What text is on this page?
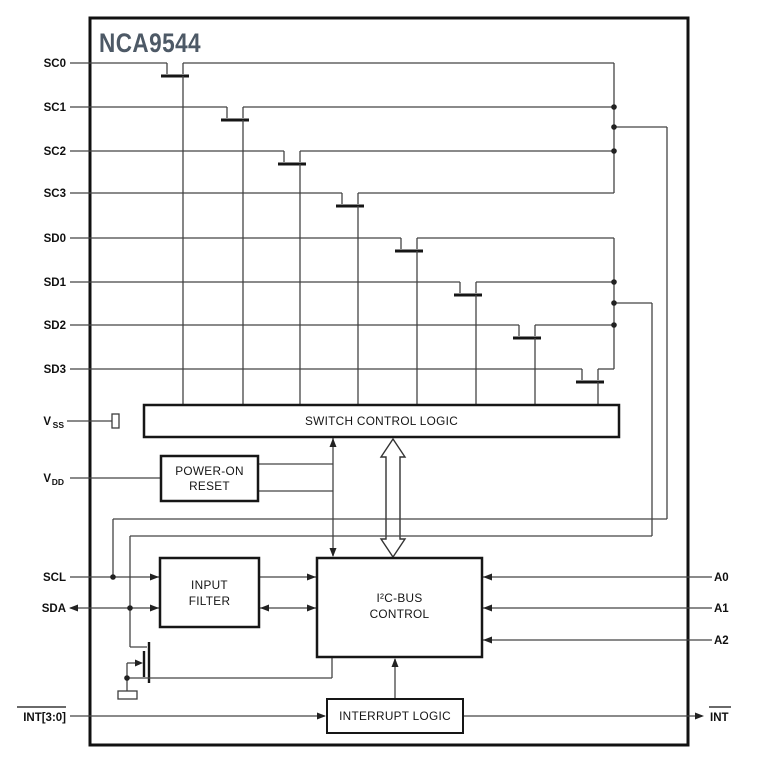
NCA9544
SWITCH CONTROL LOGIC
POWER-ON
RESET
INPUT
FILTER	I²C-BUS
CONTROL
INTERRUPT LOGIC
SC0
SC1
SC2
SC3
SD0
SD1
SD2
SD3
V SS
V DD
SCL
SDA
INT[3:0]
A0
A1
A2
INT
